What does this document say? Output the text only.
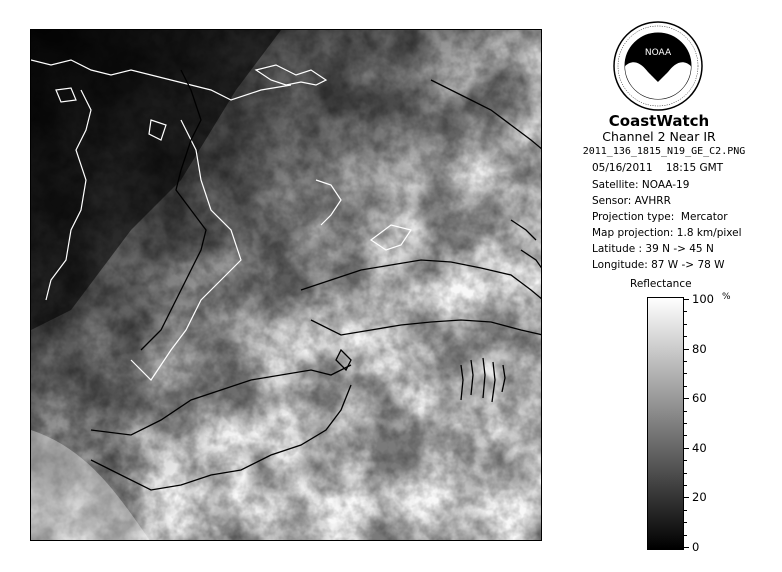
NOAA
CoastWatch
Channel 2 Near IR
2011_136_1815_N19_GE_C2.PNG
05/16/2011    18:15 GMT
Satellite: NOAA-19
Sensor: AVHRR
Projection type:  Mercator
Map projection: 1.8 km/pixel
Latitude : 39 N -> 45 N
Longitude: 87 W -> 78 W
Reflectance
%
100
80
60
40
20
0
